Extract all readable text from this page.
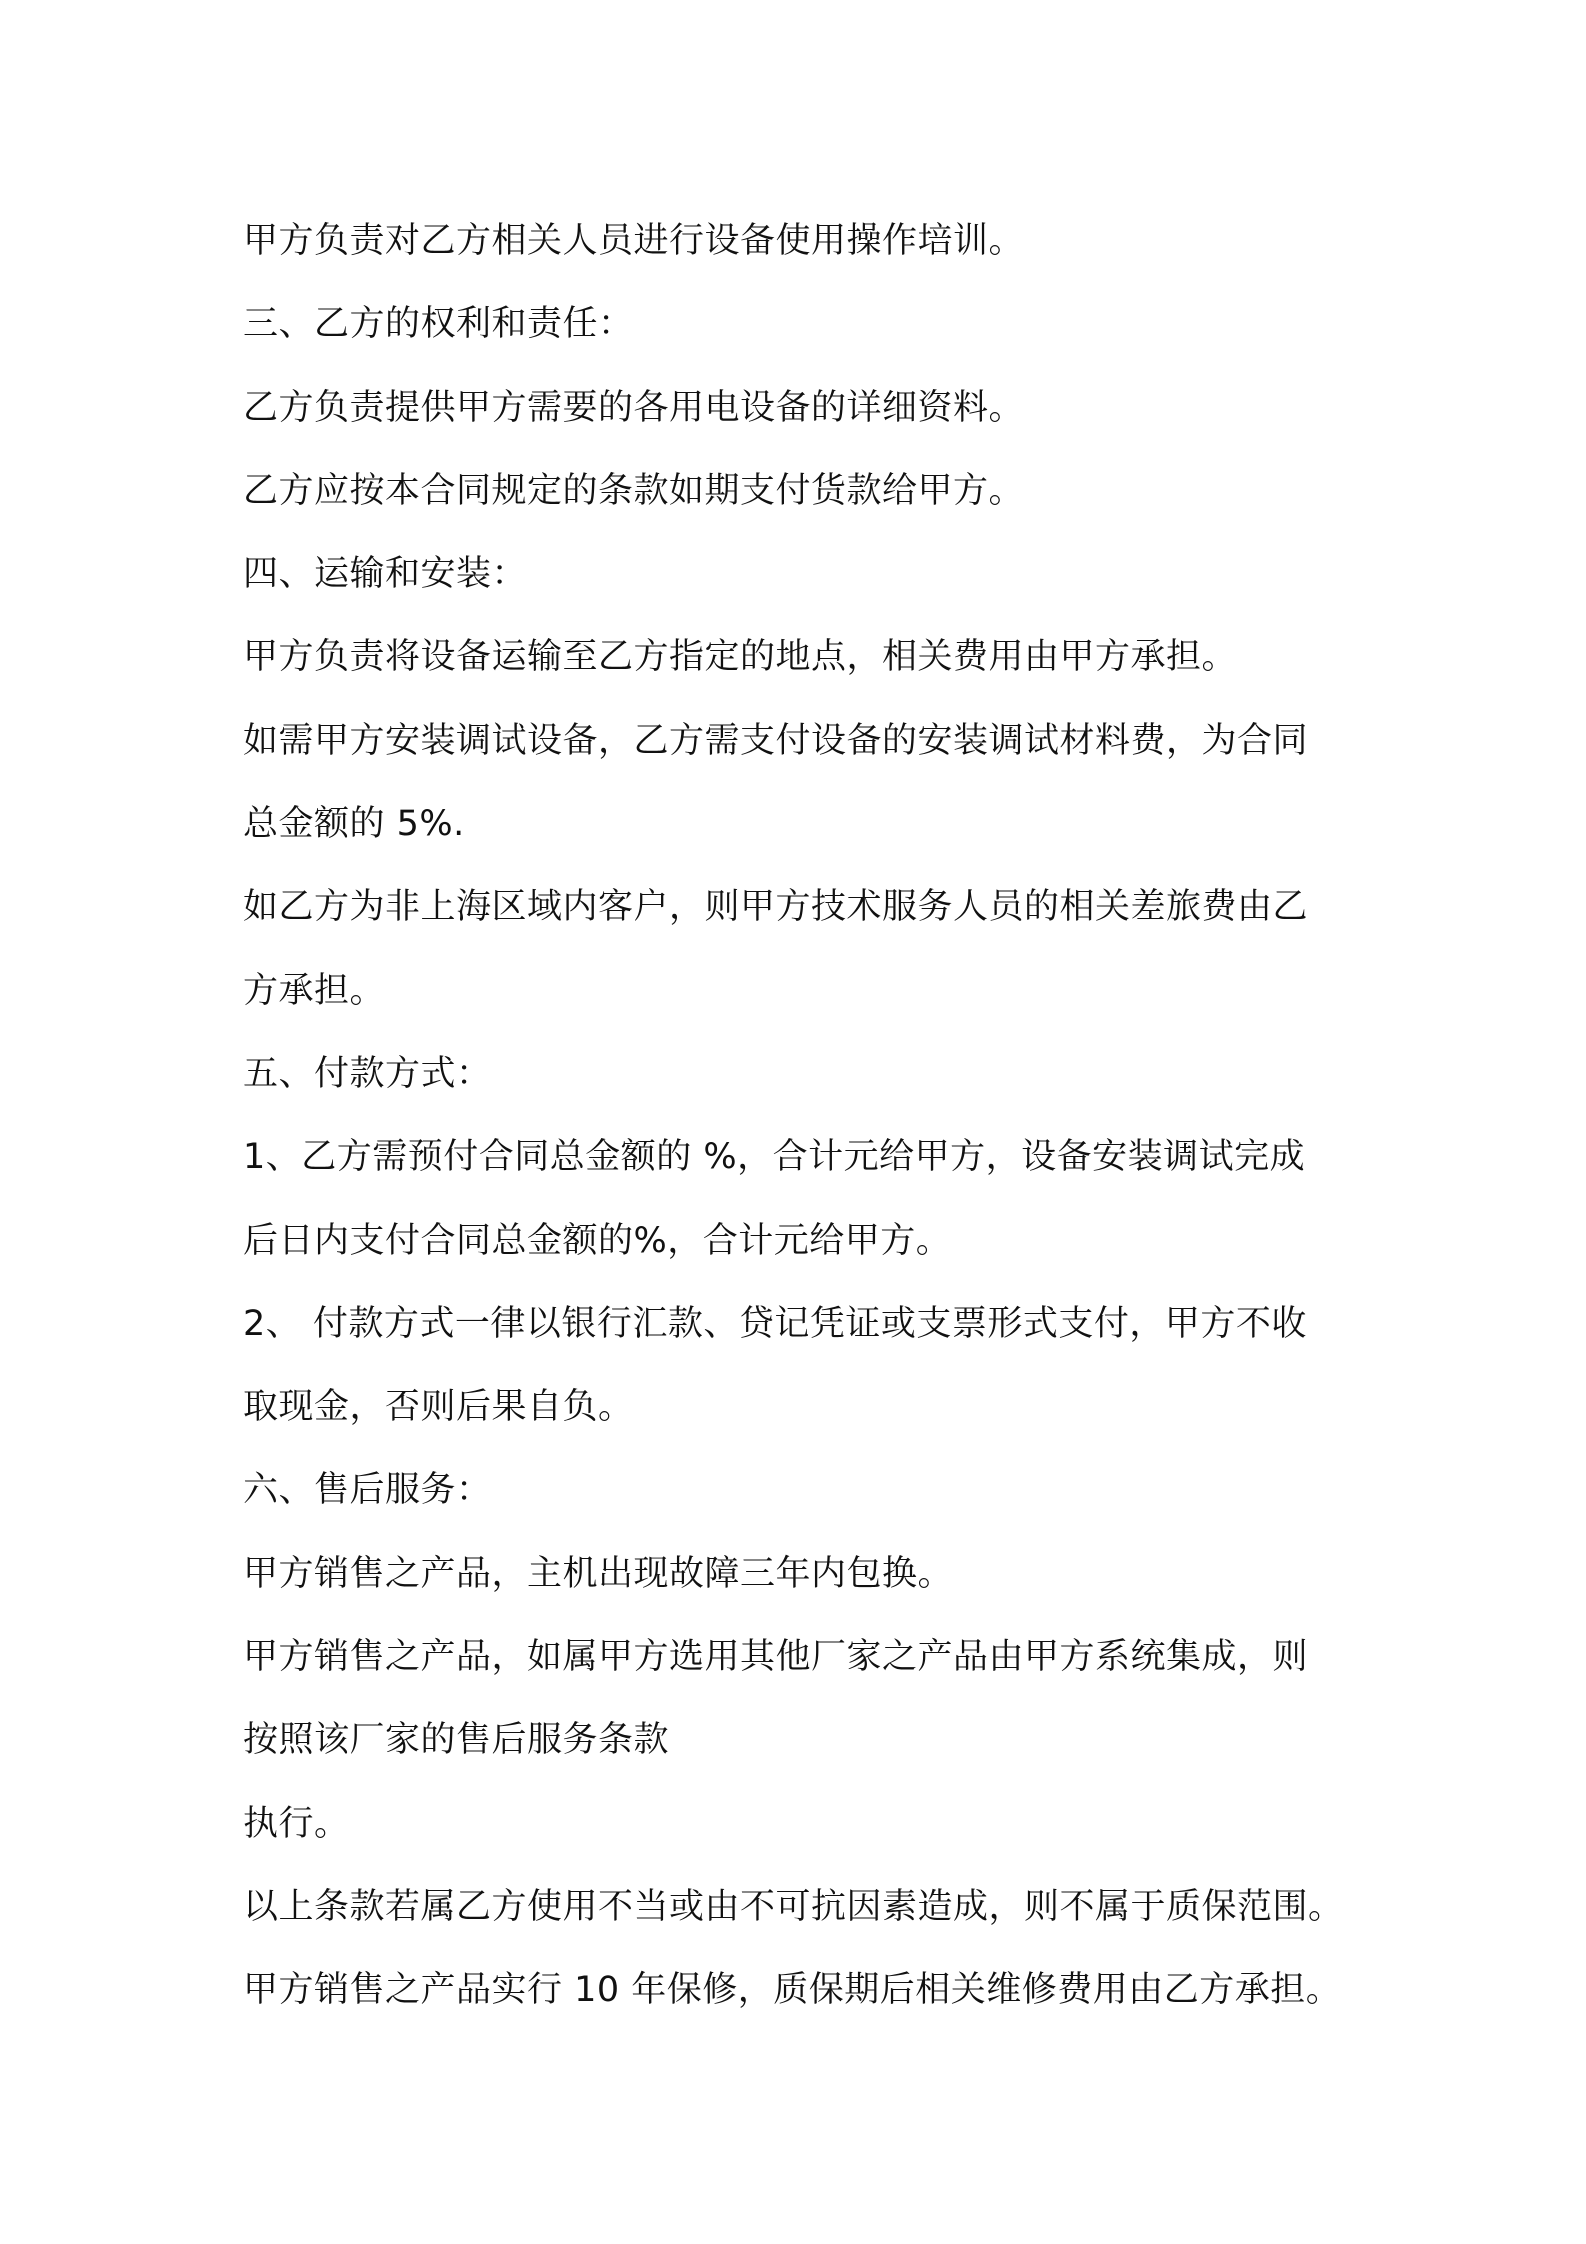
甲方负责对乙方相关人员进行设备使用操作培训。
三、乙方的权利和责任：
乙方负责提供甲方需要的各用电设备的详细资料。
乙方应按本合同规定的条款如期支付货款给甲方。
四、运输和安装：
甲方负责将设备运输至乙方指定的地点，相关费用由甲方承担。
如需甲方安装调试设备，乙方需支付设备的安装调试材料费，为合同
总金额的 5%.
如乙方为非上海区域内客户，则甲方技术服务人员的相关差旅费由乙
方承担。
五、付款方式：
1、乙方需预付合同总金额的 %，合计元给甲方，设备安装调试完成
后日内支付合同总金额的%，合计元给甲方。
2、 付款方式一律以银行汇款、贷记凭证或支票形式支付，甲方不收
取现金，否则后果自负。
六、售后服务：
甲方销售之产品，主机出现故障三年内包换。
甲方销售之产品，如属甲方选用其他厂家之产品由甲方系统集成，则
按照该厂家的售后服务条款
执行。
以上条款若属乙方使用不当或由不可抗因素造成，则不属于质保范围。
甲方销售之产品实行 10 年保修，质保期后相关维修费用由乙方承担。
